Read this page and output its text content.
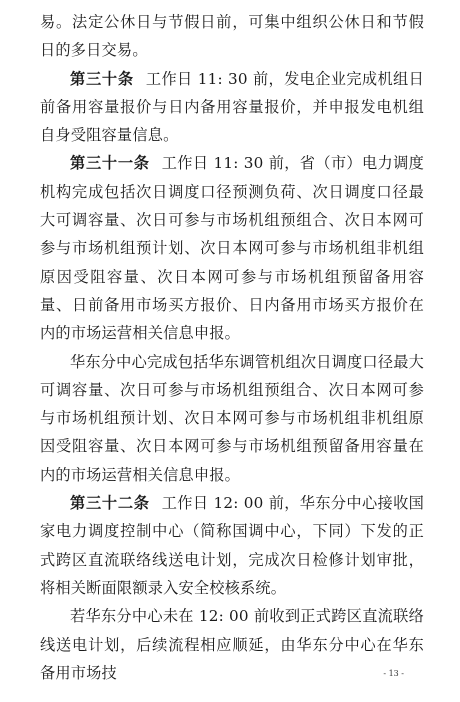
易。法定公休日与节假日前，可集中组织公休日和节假日的多日交易。

第三十条 工作日 11: 30 前，发电企业完成机组日前备用容量报价与日内备用容量报价，并申报发电机组自身受阻容量信息。

第三十一条 工作日 11: 30 前，省（市）电力调度机构完成包括次日调度口径预测负荷、次日调度口径最大可调容量、次日可参与市场机组预组合、次日本网可参与市场机组预计划、次日本网可参与市场机组非机组原因受阻容量、次日本网可参与市场机组预留备用容量、日前备用市场买方报价、日内备用市场买方报价在内的市场运营相关信息申报。

华东分中心完成包括华东调管机组次日调度口径最大可调容量、次日可参与市场机组预组合、次日本网可参与市场机组预计划、次日本网可参与市场机组非机组原因受阻容量、次日本网可参与市场机组预留备用容量在内的市场运营相关信息申报。

第三十二条 工作日 12: 00 前，华东分中心接收国家电力调度控制中心（简称国调中心，下同）下发的正式跨区直流联络线送电计划，完成次日检修计划审批，将相关断面限额录入安全校核系统。

若华东分中心未在 12: 00 前收到正式跨区直流联络线送电计划，后续流程相应顺延，由华东分中心在华东备用市场技	- 13 -
